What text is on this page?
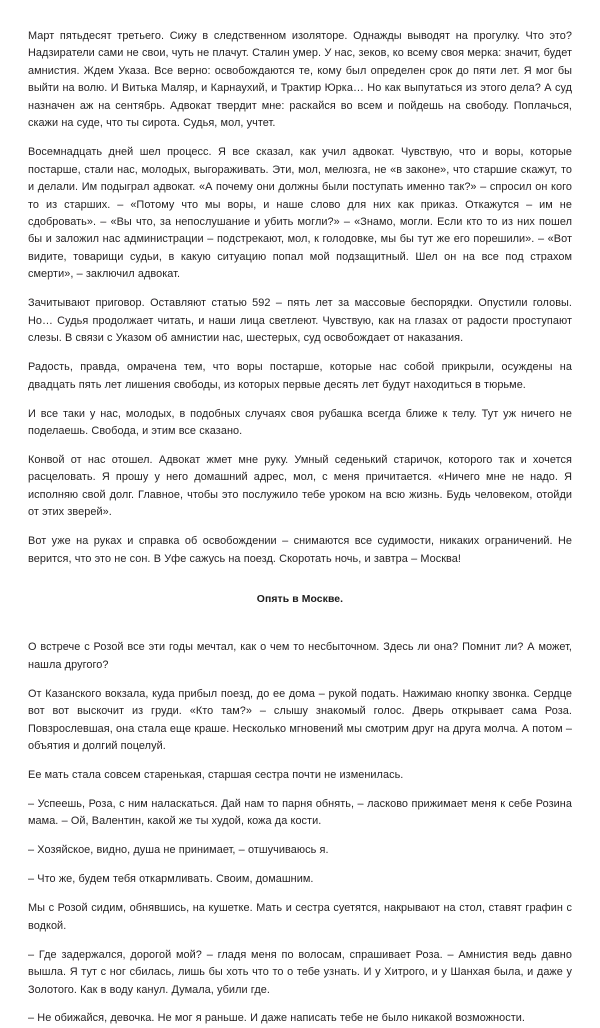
Март пятьдесят третьего. Сижу в следственном изоляторе. Однажды выводят на прогулку. Что это? Надзиратели сами не свои, чуть не плачут. Сталин умер. У нас, зеков, ко всему своя мерка: значит, будет амнистия. Ждем Указа. Все верно: освобождаются те, кому был определен срок до пяти лет. Я мог бы выйти на волю. И Витька Маляр, и Карнаухий, и Трактир Юрка… Но как выпутаться из этого дела? А суд назначен аж на сентябрь. Адвокат твердит мне: раскайся во всем и пойдешь на свободу. Поплачься, скажи на суде, что ты сирота. Судья, мол, учтет.

Восемнадцать дней шел процесс. Я все сказал, как учил адвокат. Чувствую, что и воры, которые постарше, стали нас, молодых, выгораживать. Эти, мол, мелюзга, не «в законе», что старшие скажут, то и делали. Им подыграл адвокат. «А почему они должны были поступать именно так?» – спросил он кого то из старших. – «Потому что мы воры, и наше слово для них как приказ. Откажутся – им не сдобровать». – «Вы что, за непослушание и убить могли?» – «Знамо, могли. Если кто то из них пошел бы и заложил нас администрации – подстрекают, мол, к голодовке, мы бы тут же его порешили». – «Вот видите, товарищи судьи, в какую ситуацию попал мой подзащитный. Шел он на все под страхом смерти», – заключил адвокат.

Зачитывают приговор. Оставляют статью 592 – пять лет за массовые беспорядки. Опустили головы. Но… Судья продолжает читать, и наши лица светлеют. Чувствую, как на глазах от радости проступают слезы. В связи с Указом об амнистии нас, шестерых, суд освобождает от наказания.

Радость, правда, омрачена тем, что воры постарше, которые нас собой прикрыли, осуждены на двадцать пять лет лишения свободы, из которых первые десять лет будут находиться в тюрьме.

И все таки у нас, молодых, в подобных случаях своя рубашка всегда ближе к телу. Тут уж ничего не поделаешь. Свобода, и этим все сказано.

Конвой от нас отошел. Адвокат жмет мне руку. Умный седенький старичок, которого так и хочется расцеловать. Я прошу у него домашний адрес, мол, с меня причитается. «Ничего мне не надо. Я исполняю свой долг. Главное, чтобы это послужило тебе уроком на всю жизнь. Будь человеком, отойди от этих зверей».

Вот уже на руках и справка об освобождении – снимаются все судимости, никаких ограничений. Не верится, что это не сон. В Уфе сажусь на поезд. Скоротать ночь, и завтра – Москва!

Опять в Москве.

О встрече с Розой все эти годы мечтал, как о чем то несбыточном. Здесь ли она? Помнит ли? А может, нашла другого?

От Казанского вокзала, куда прибыл поезд, до ее дома – рукой подать. Нажимаю кнопку звонка. Сердце вот вот выскочит из груди. «Кто там?» – слышу знакомый голос. Дверь открывает сама Роза. Повзрослевшая, она стала еще краше. Несколько мгновений мы смотрим друг на друга молча. А потом – объятия и долгий поцелуй.

Ее мать стала совсем старенькая, старшая сестра почти не изменилась.

– Успеешь, Роза, с ним наласкаться. Дай нам то парня обнять, – ласково прижимает меня к себе Розина мама. – Ой, Валентин, какой же ты худой, кожа да кости.

– Хозяйское, видно, душа не принимает, – отшучиваюсь я.

– Что же, будем тебя откармливать. Своим, домашним.

Мы с Розой сидим, обнявшись, на кушетке. Мать и сестра суетятся, накрывают на стол, ставят графин с водкой.

– Где задержался, дорогой мой? – гладя меня по волосам, спрашивает Роза. – Амнистия ведь давно вышла. Я тут с ног сбилась, лишь бы хоть что то о тебе узнать. И у Хитрого, и у Шанхая была, и даже у Золотого. Как в воду канул. Думала, убили где.

– Не обижайся, девочка. Не мог я раньше. И даже написать тебе не было никакой возможности.
